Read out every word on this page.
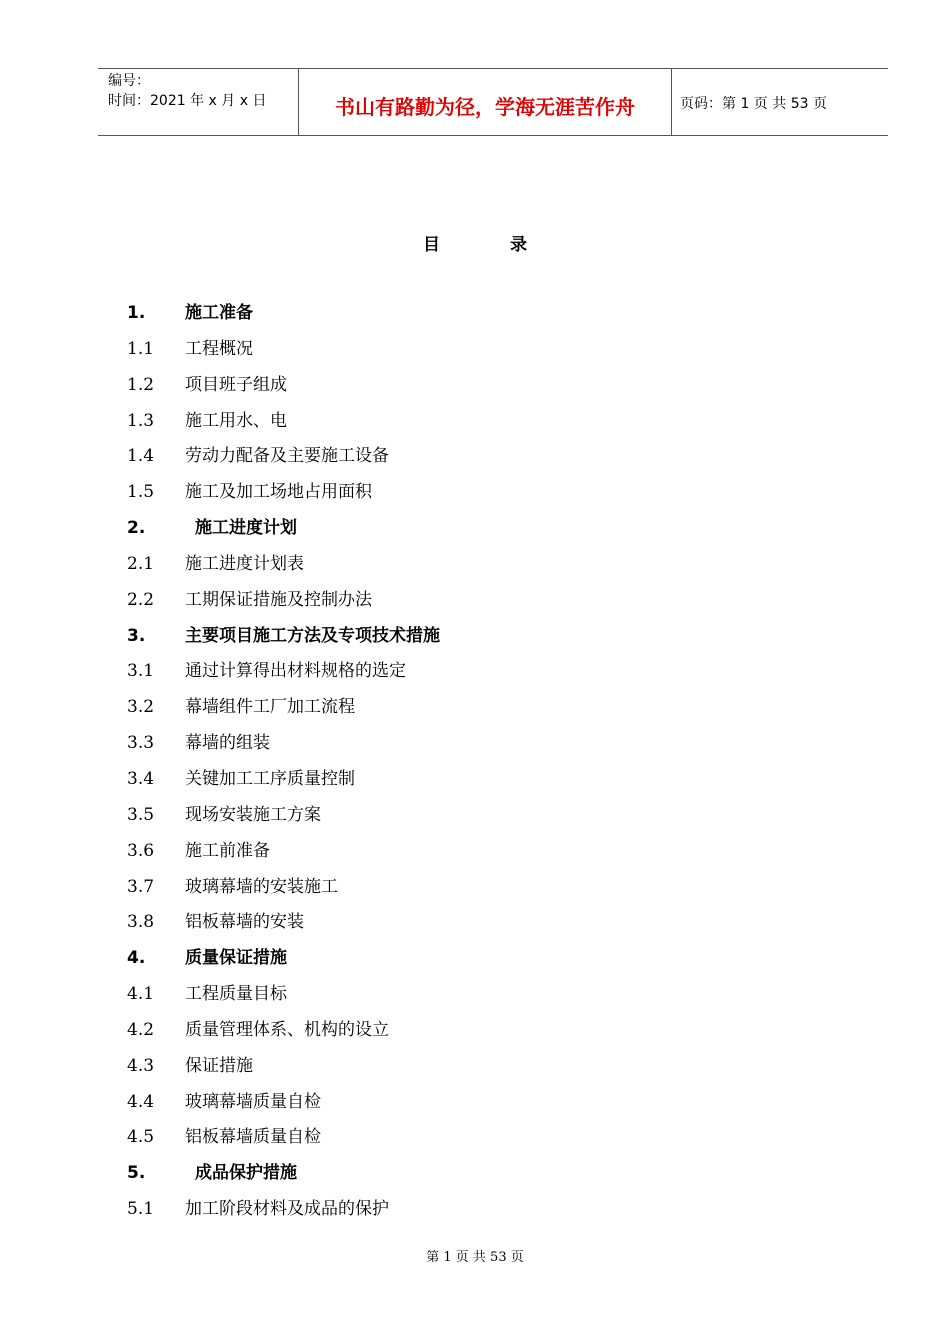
编号：
时间：2021 年 x 月 x 日	书山有路勤为径，学海无涯苦作舟	页码：第 1 页 共 53 页
目	录
1. 施工准备
1.1 工程概况
1.2 项目班子组成
1.3 施工用水、电
1.4 劳动力配备及主要施工设备
1.5 施工及加工场地占用面积
2.	施工进度计划
2.1 施工进度计划表
2.2 工期保证措施及控制办法
3. 主要项目施工方法及专项技术措施
3.1 通过计算得出材料规格的选定
3.2 幕墙组件工厂加工流程
3.3 幕墙的组装
3.4 关键加工工序质量控制
3.5 现场安装施工方案
3.6 施工前准备
3.7 玻璃幕墙的安装施工
3.8 铝板幕墙的安装
4. 质量保证措施
4.1 工程质量目标
4.2 质量管理体系、机构的设立
4.3 保证措施
4.4 玻璃幕墙质量自检
4.5 铝板幕墙质量自检
5.	成品保护措施
5.1 加工阶段材料及成品的保护
第 1 页 共 53 页
